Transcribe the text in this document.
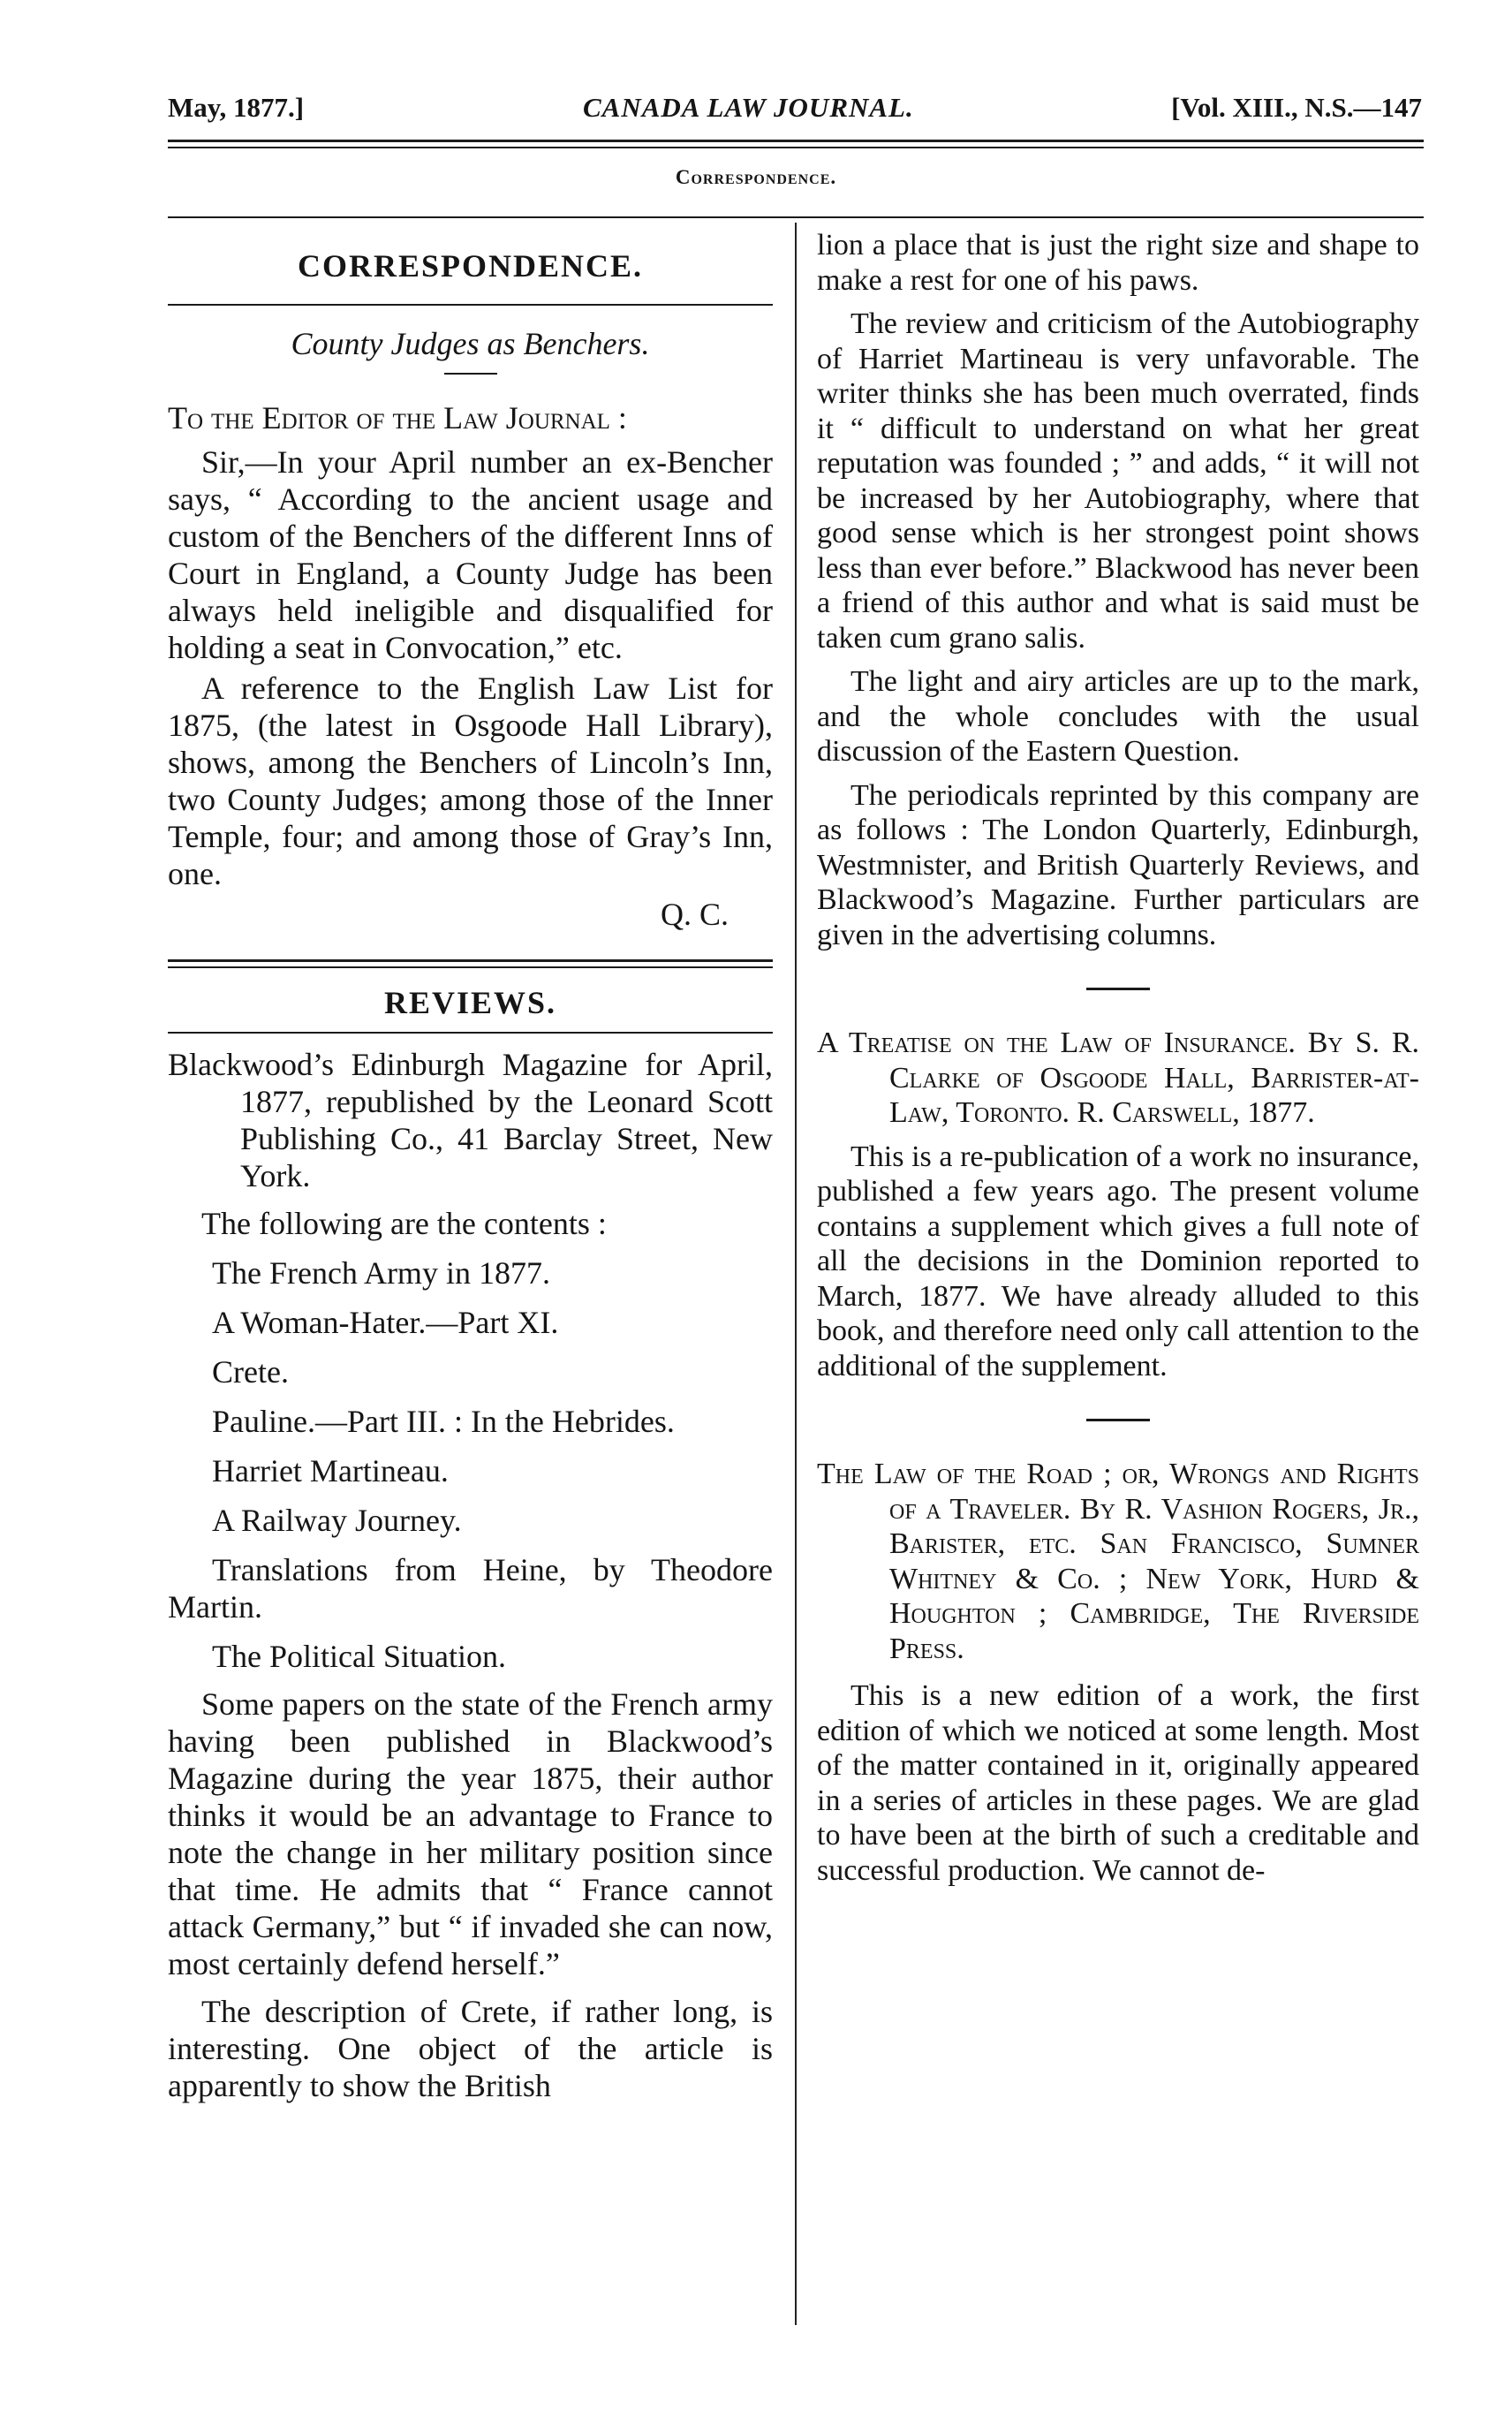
May, 1877.]	CANADA LAW JOURNAL.	[Vol. XIII., N.S.—147
Correspondence.

CORRESPONDENCE.

County Judges as Benchers.

To the Editor of the Law Journal :

Sir,—In your April number an ex-Bencher says, “ According to the ancient usage and custom of the Benchers of the different Inns of Court in England, a County Judge has been always held ineligible and disqualified for holding a seat in Convocation,” etc.

A reference to the English Law List for 1875, (the latest in Osgoode Hall Library), shows, among the Benchers of Lincoln’s Inn, two County Judges; among those of the Inner Temple, four; and among those of Gray’s Inn, one.

Q. C.

REVIEWS.

Blackwood’s Edinburgh Magazine for April, 1877, republished by the Leonard Scott Publishing Co., 41 Barclay Street, New York.

The following are the contents :

The French Army in 1877.

A Woman-Hater.—Part XI.

Crete.

Pauline.—Part III. : In the Hebrides.

Harriet Martineau.

A Railway Journey.

Translations from Heine, by Theodore Martin.

The Political Situation.

Some papers on the state of the French army having been published in Blackwood’s Magazine during the year 1875, their author thinks it would be an advantage to France to note the change in her military position since that time. He admits that “ France cannot attack Germany,” but “ if invaded she can now, most certainly defend herself.”

The description of Crete, if rather long, is interesting. One object of the article is apparently to show the British

lion a place that is just the right size and shape to make a rest for one of his paws.

The review and criticism of the Autobiography of Harriet Martineau is very unfavorable. The writer thinks she has been much overrated, finds it “ difficult to understand on what her great reputation was founded ; ” and adds, “ it will not be increased by her Autobiography, where that good sense which is her strongest point shows less than ever before.” Blackwood has never been a friend of this author and what is said must be taken cum grano salis.

The light and airy articles are up to the mark, and the whole concludes with the usual discussion of the Eastern Question.

The periodicals reprinted by this company are as follows : The London Quarterly, Edinburgh, Westmnister, and British Quarterly Reviews, and Blackwood’s Magazine. Further particulars are given in the advertising columns.

A Treatise on the Law of Insurance. By S. R. Clarke of Osgoode Hall, Barrister-at-Law, Toronto. R. Carswell, 1877.

This is a re-publication of a work no insurance, published a few years ago. The present volume contains a supplement which gives a full note of all the decisions in the Dominion reported to March, 1877. We have already alluded to this book, and therefore need only call attention to the additional of the supplement.

The Law of the Road ; or, Wrongs and Rights of a Traveler. By R. Vashion Rogers, Jr., Barister, etc. San Francisco, Sumner Whitney & Co. ; New York, Hurd & Houghton ; Cambridge, The Riverside Press.

This is a new edition of a work, the first edition of which we noticed at some length. Most of the matter contained in it, originally appeared in a series of articles in these pages. We are glad to have been at the birth of such a creditable and successful production. We cannot de-
